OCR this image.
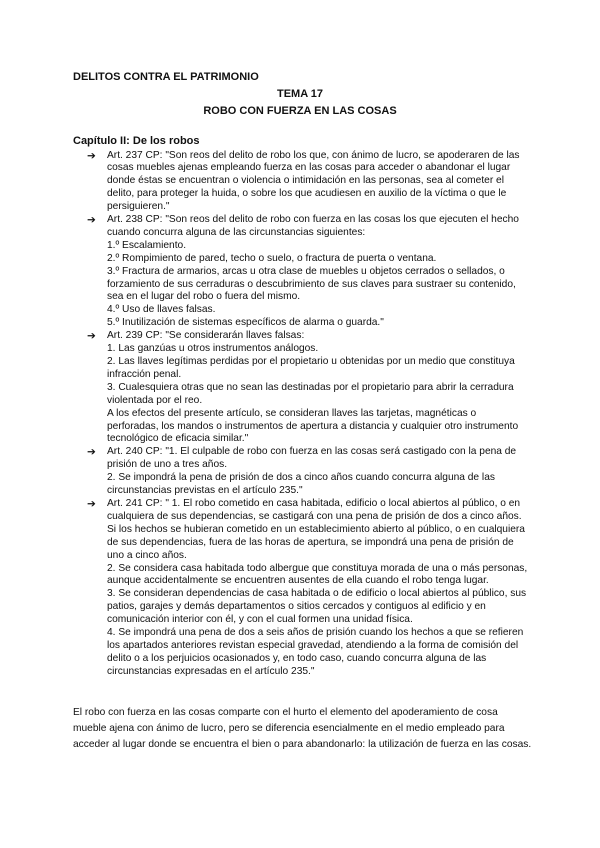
DELITOS CONTRA EL PATRIMONIO
TEMA 17
ROBO CON FUERZA EN LAS COSAS
Capítulo II: De los robos
➔ Art. 237 CP: "Son reos del delito de robo los que, con ánimo de lucro, se apoderaren de las
cosas muebles ajenas empleando fuerza en las cosas para acceder o abandonar el lugar
donde éstas se encuentran o violencia o intimidación en las personas, sea al cometer el
delito, para proteger la huida, o sobre los que acudiesen en auxilio de la víctima o que le
persiguieren."
➔ Art. 238 CP: "Son reos del delito de robo con fuerza en las cosas los que ejecuten el hecho
cuando concurra alguna de las circunstancias siguientes:
1.º Escalamiento.
2.º Rompimiento de pared, techo o suelo, o fractura de puerta o ventana.
3.º Fractura de armarios, arcas u otra clase de muebles u objetos cerrados o sellados, o
forzamiento de sus cerraduras o descubrimiento de sus claves para sustraer su contenido,
sea en el lugar del robo o fuera del mismo.
4.º Uso de llaves falsas.
5.º Inutilización de sistemas específicos de alarma o guarda."
➔ Art. 239 CP: "Se considerarán llaves falsas:
1. Las ganzúas u otros instrumentos análogos.
2. Las llaves legítimas perdidas por el propietario u obtenidas por un medio que constituya
infracción penal.
3. Cualesquiera otras que no sean las destinadas por el propietario para abrir la cerradura
violentada por el reo.
A los efectos del presente artículo, se consideran llaves las tarjetas, magnéticas o
perforadas, los mandos o instrumentos de apertura a distancia y cualquier otro instrumento
tecnológico de eficacia similar."
➔ Art. 240 CP: "1. El culpable de robo con fuerza en las cosas será castigado con la pena de
prisión de uno a tres años.
2. Se impondrá la pena de prisión de dos a cinco años cuando concurra alguna de las
circunstancias previstas en el artículo 235."
➔ Art. 241 CP: " 1. El robo cometido en casa habitada, edificio o local abiertos al público, o en
cualquiera de sus dependencias, se castigará con una pena de prisión de dos a cinco años.
Si los hechos se hubieran cometido en un establecimiento abierto al público, o en cualquiera
de sus dependencias, fuera de las horas de apertura, se impondrá una pena de prisión de
uno a cinco años.
2. Se considera casa habitada todo albergue que constituya morada de una o más personas,
aunque accidentalmente se encuentren ausentes de ella cuando el robo tenga lugar.
3. Se consideran dependencias de casa habitada o de edificio o local abiertos al público, sus
patios, garajes y demás departamentos o sitios cercados y contiguos al edificio y en
comunicación interior con él, y con el cual formen una unidad física.
4. Se impondrá una pena de dos a seis años de prisión cuando los hechos a que se refieren
los apartados anteriores revistan especial gravedad, atendiendo a la forma de comisión del
delito o a los perjuicios ocasionados y, en todo caso, cuando concurra alguna de las
circunstancias expresadas en el artículo 235."
El robo con fuerza en las cosas comparte con el hurto el elemento del apoderamiento de cosa
mueble ajena con ánimo de lucro, pero se diferencia esencialmente en el medio empleado para
acceder al lugar donde se encuentra el bien o para abandonarlo: la utilización de fuerza en las cosas.
